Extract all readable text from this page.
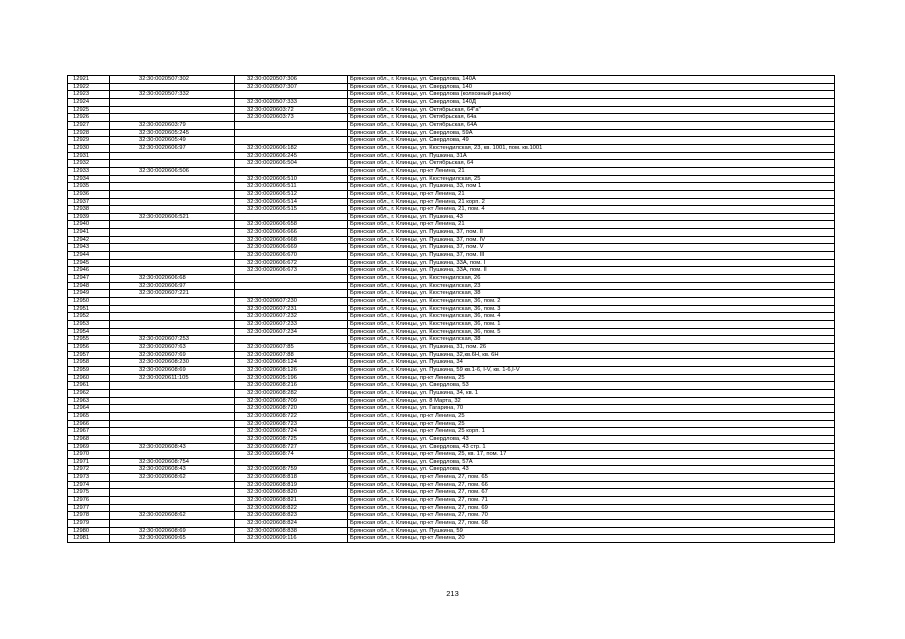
12921	32:30:0020507:302	32:30:0020507:306	Брянская обл., г. Клинцы, ул. Свердлова, 140А
12922		32:30:0020507:307	Брянская обл., г. Клинцы, ул. Свердлова, 140
12923	32:30:0020507:332		Брянская обл., г. Клинцы, ул. Свердлова (колхозный рынок)
12924		32:30:0020507:333	Брянская обл., г. Клинцы, ул. Свердлова, 140Д
12925		32:30:0020603:72	Брянская обл., г. Клинцы, ул. Октябрьская, 64"а"
12926		32:30:0020603:73	Брянская обл., г. Клинцы, ул. Октябрьская, 64а
12927	32:30:0020603:79		Брянская обл., г. Клинцы, ул. Октябрьская, 64А
12928	32:30:0020605:245		Брянская обл., г. Клинцы, ул. Свердлова, 59А
12929	32:30:0020605:49		Брянская обл., г. Клинцы, ул. Свердлова, 49
12930	32:30:0020606:97	32:30:0020606:182	Брянская обл., г. Клинцы, ул. Кюстендилская, 23, кв. 1001, пом. кв.1001
12931		32:30:0020606:245	Брянская обл., г. Клинцы, ул. Пушкина, 31А
12932		32:30:0020606:504	Брянская обл., г. Клинцы, ул. Октябрьская, 64
12933	32:30:0020606:506		Брянская обл., г. Клинцы, пр-кт Ленина, 21
12934		32:30:0020606:510	Брянская обл., г. Клинцы, ул. Кюстендилская, 25
12935		32:30:0020606:511	Брянская обл., г. Клинцы, ул. Пушкина, 33, пом 1
12936		32:30:0020606:512	Брянская обл., г. Клинцы, пр-кт Ленина, 21
12937		32:30:0020606:514	Брянская обл., г. Клинцы, пр-кт Ленина, 21 корп. 2
12938		32:30:0020606:515	Брянская обл., г. Клинцы, пр-кт Ленина, 21, пом. 4
12939	32:30:0020606:521		Брянская обл., г. Клинцы, ул. Пушкина, 43
12940		32:30:0020606:658	Брянская обл., г. Клинцы, пр-кт Ленина, 21
12941		32:30:0020606:666	Брянская обл., г. Клинцы, ул. Пушкина, 37, пом. II
12942		32:30:0020606:668	Брянская обл., г. Клинцы, ул. Пушкина, 37, пом. IV
12943		32:30:0020606:669	Брянская обл., г. Клинцы, ул. Пушкина, 37, пом. V
12944		32:30:0020606:670	Брянская обл., г. Клинцы, ул. Пушкина, 37, пом. III
12945		32:30:0020606:672	Брянская обл., г. Клинцы, ул. Пушкина, 33А, пом. I
12946		32:30:0020606:673	Брянская обл., г. Клинцы, ул. Пушкина, 33А, пом. II
12947	32:30:0020606:68		Брянская обл., г. Клинцы, ул. Кюстендилская, 26
12948	32:30:0020606:97		Брянская обл., г. Клинцы, ул. Кюстендилская, 23
12949	32:30:0020607:221		Брянская обл., г. Клинцы, ул. Кюстендилская, 38
12950		32:30:0020607:230	Брянская обл., г. Клинцы, ул. Кюстендилская, 36, пом. 2
12951		32:30:0020607:231	Брянская обл., г. Клинцы, ул. Кюстендилская, 36, пом. 3
12952		32:30:0020607:232	Брянская обл., г. Клинцы, ул. Кюстендилская, 36, пом. 4
12953		32:30:0020607:233	Брянская обл., г. Клинцы, ул. Кюстендилская, 36, пом. 1
12954		32:30:0020607:234	Брянская обл., г. Клинцы, ул. Кюстендилская, 36, пом. 5
12955	32:30:0020607:253		Брянская обл., г. Клинцы, ул. Кюстендилская, 38
12956	32:30:0020607:63	32:30:0020607:85	Брянская обл., г. Клинцы, ул. Пушкина, 31, пом. 26
12957	32:30:0020607:69	32:30:0020607:88	Брянская обл., г. Клинцы, ул. Пушкина, 32,кв.6Н, кв. 6Н
12958	32:30:0020608:230	32:30:0020608:124	Брянская обл., г. Клинцы, ул. Пушкина, 34
12959	32:30:0020608:69	32:30:0020608:126	Брянская обл., г. Клинцы, ул. Пушкина, 59 кв.1-6, I-V, кв. 1-6,I-V
12960	32:30:0020611:105	32:30:0020605:196	Брянская обл., г. Клинцы, пр-кт Ленина, 25
12961		32:30:0020608:216	Брянская обл., г. Клинцы, ул. Свердлова, 53
12962		32:30:0020608:282	Брянская обл., г. Клинцы, ул. Пушкина, 34, кв. 1
12963		32:30:0020608:709	Брянская обл., г. Клинцы, ул. 8 Марта, 32
12964		32:30:0020608:720	Брянская обл., г. Клинцы, ул. Гагарина, 70
12965		32:30:0020608:722	Брянская обл., г. Клинцы, пр-кт Ленина, 25
12966		32:30:0020608:723	Брянская обл., г. Клинцы, пр-кт Ленина, 25
12967		32:30:0020608:724	Брянская обл., г. Клинцы, пр-кт Ленина, 25 корп. 1
12968		32:30:0020608:725	Брянская обл., г. Клинцы, ул. Свердлова, 43
12969	32:30:0020608:43	32:30:0020608:727	Брянская обл., г. Клинцы, ул. Свердлова, 43 стр. 1
12970		32:30:0020608:74	Брянская обл., г. Клинцы, пр-кт Ленина, 25, кв. 17, пом. 17
12971	32:30:0020608:754		Брянская обл., г. Клинцы, ул. Свердлова, 57А
12972	32:30:0020608:43	32:30:0020608:759	Брянская обл., г. Клинцы, ул. Свердлова, 43
12973	32:30:0020608:62	32:30:0020608:818	Брянская обл., г. Клинцы, пр-кт Ленина, 27, пом. 65
12974		32:30:0020608:819	Брянская обл., г. Клинцы, пр-кт Ленина, 27, пом. 66
12975		32:30:0020608:820	Брянская обл., г. Клинцы, пр-кт Ленина, 27, пом. 67
12976		32:30:0020608:821	Брянская обл., г. Клинцы, пр-кт Ленина, 27, пом. 71
12977		32:30:0020608:822	Брянская обл., г. Клинцы, пр-кт Ленина, 27, пом. 69
12978	32:30:0020608:62	32:30:0020608:823	Брянская обл., г. Клинцы, пр-кт Ленина, 27, пом. 70
12979		32:30:0020608:824	Брянская обл., г. Клинцы, пр-кт Ленина, 27, пом. 68
12980	32:30:0020608:69	32:30:0020608:838	Брянская обл., г. Клинцы, ул. Пушкина, 59
12981	32:30:0020609:65	32:30:0020609:116	Брянская обл., г. Клинцы, пр-кт Ленина, 20
213
